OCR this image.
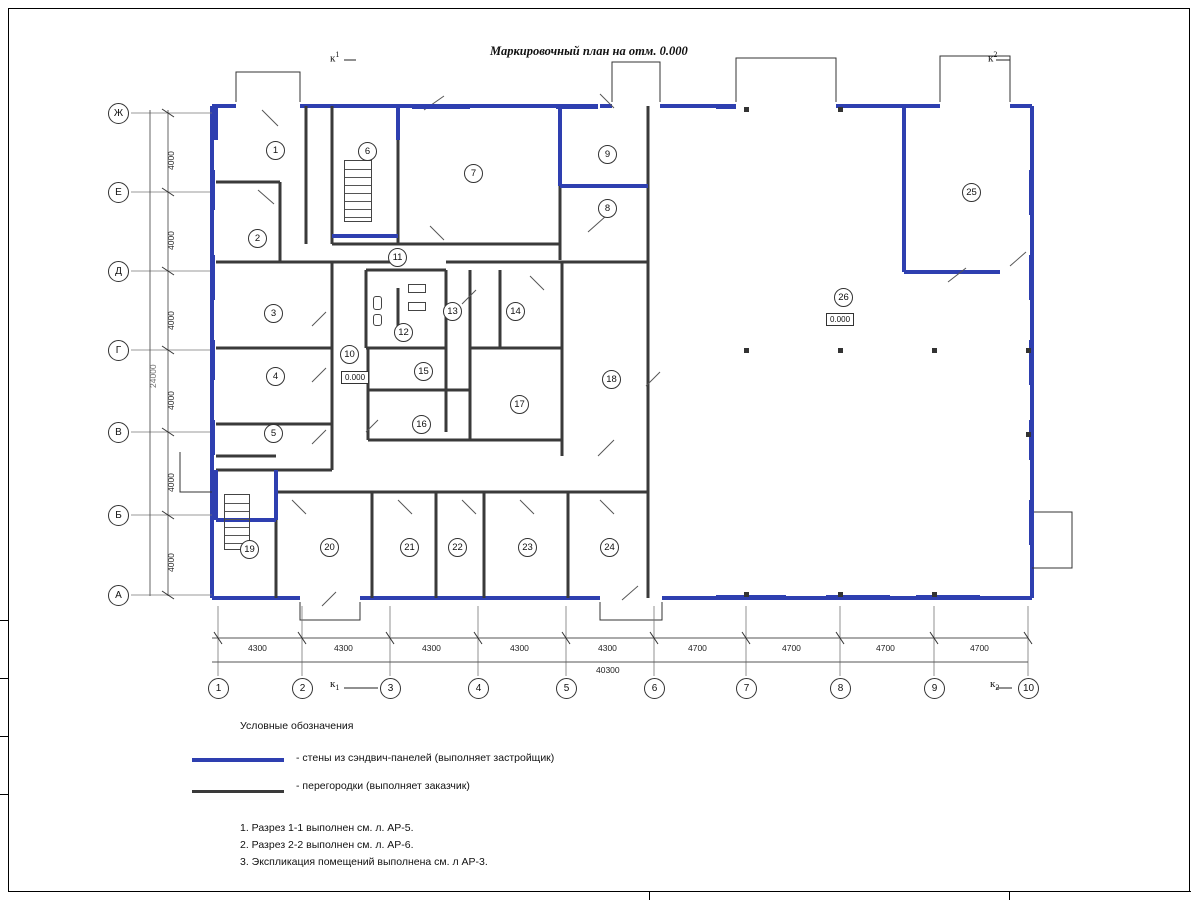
Маркировочный план на отм. 0.000
1
2
3
4
5
6
7
8
9
10
11
12
13	14
15
16
17
18
19	20	21	22	23	24
25
26
0.000
0.000
Ж
Е
Д
Г
В
Б
А
4000
4000
4000
4000
4000
4000
24000
1	2	3	4	5	6	7	8	9	10
4300	4300	4300	4300	4300	4700	4700	4700	4700
40300
$к^1$	$к^2$
$к_1$	$к_2$
Условные обозначения
- стены из сэндвич-панелей (выполняет застройщик)
- перегородки (выполняет заказчик)
1. Разрез 1-1 выполнен см. л. АР-5.
2. Разрез 2-2 выполнен см. л. АР-6.
3. Экспликация помещений выполнена см. л АР-3.
